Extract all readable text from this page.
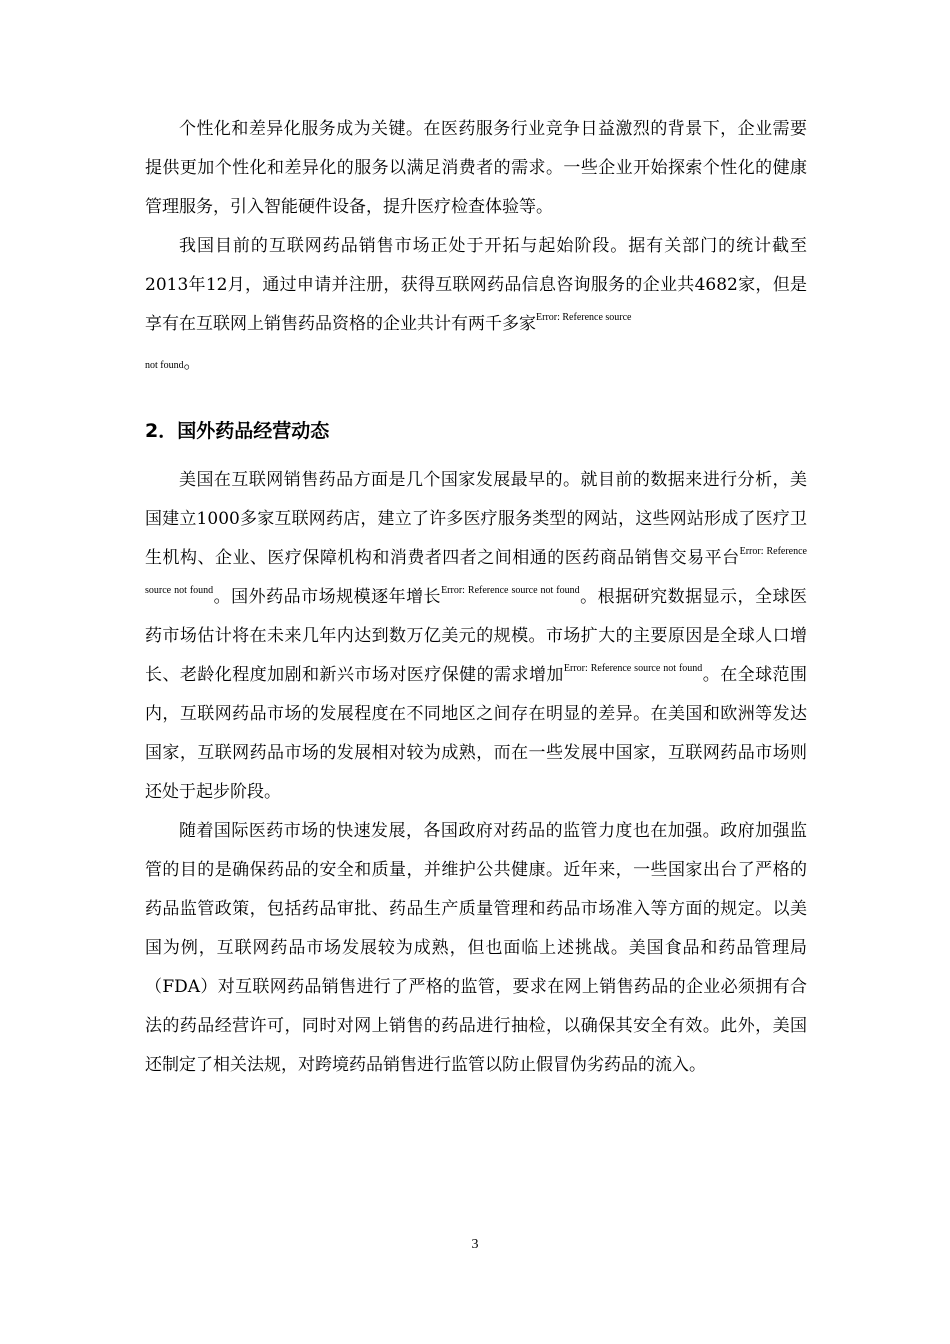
个性化和差异化服务成为关键。在医药服务行业竞争日益激烈的背景下，企业需要提供更加个性化和差异化的服务以满足消费者的需求。一些企业开始探索个性化的健康管理服务，引入智能硬件设备，提升医疗检查体验等。

我国目前的互联网药品销售市场正处于开拓与起始阶段。据有关部门的统计截至2013年12月，通过申请并注册，获得互联网药品信息咨询服务的企业共4682家，但是享有在互联网上销售药品资格的企业共计有两千多家$^{Error: Reference source}$
not found。

2．国外药品经营动态

美国在互联网销售药品方面是几个国家发展最早的。就目前的数据来进行分析，美国建立1000多家互联网药店，建立了许多医疗服务类型的网站，这些网站形成了医疗卫生机构、企业、医疗保障机构和消费者四者之间相通的医药商品销售交易平台$^{Error: Reference source not found}$。国外药品市场规模逐年增长$^{Error: Reference source not found}$。根据研究数据显示，全球医药市场估计将在未来几年内达到数万亿美元的规模。市场扩大的主要原因是全球人口增长、老龄化程度加剧和新兴市场对医疗保健的需求增加$^{Error: Reference source not found}$。在全球范围内，互联网药品市场的发展程度在不同地区之间存在明显的差异。在美国和欧洲等发达国家，互联网药品市场的发展相对较为成熟，而在一些发展中国家，互联网药品市场则还处于起步阶段。

随着国际医药市场的快速发展，各国政府对药品的监管力度也在加强。政府加强监管的目的是确保药品的安全和质量，并维护公共健康。近年来，一些国家出台了严格的药品监管政策，包括药品审批、药品生产质量管理和药品市场准入等方面的规定。以美国为例，互联网药品市场发展较为成熟，但也面临上述挑战。美国食品和药品管理局（FDA）对互联网药品销售进行了严格的监管，要求在网上销售药品的企业必须拥有合法的药品经营许可，同时对网上销售的药品进行抽检，以确保其安全有效。此外，美国还制定了相关法规，对跨境药品销售进行监管以防止假冒伪劣药品的流入。

3
